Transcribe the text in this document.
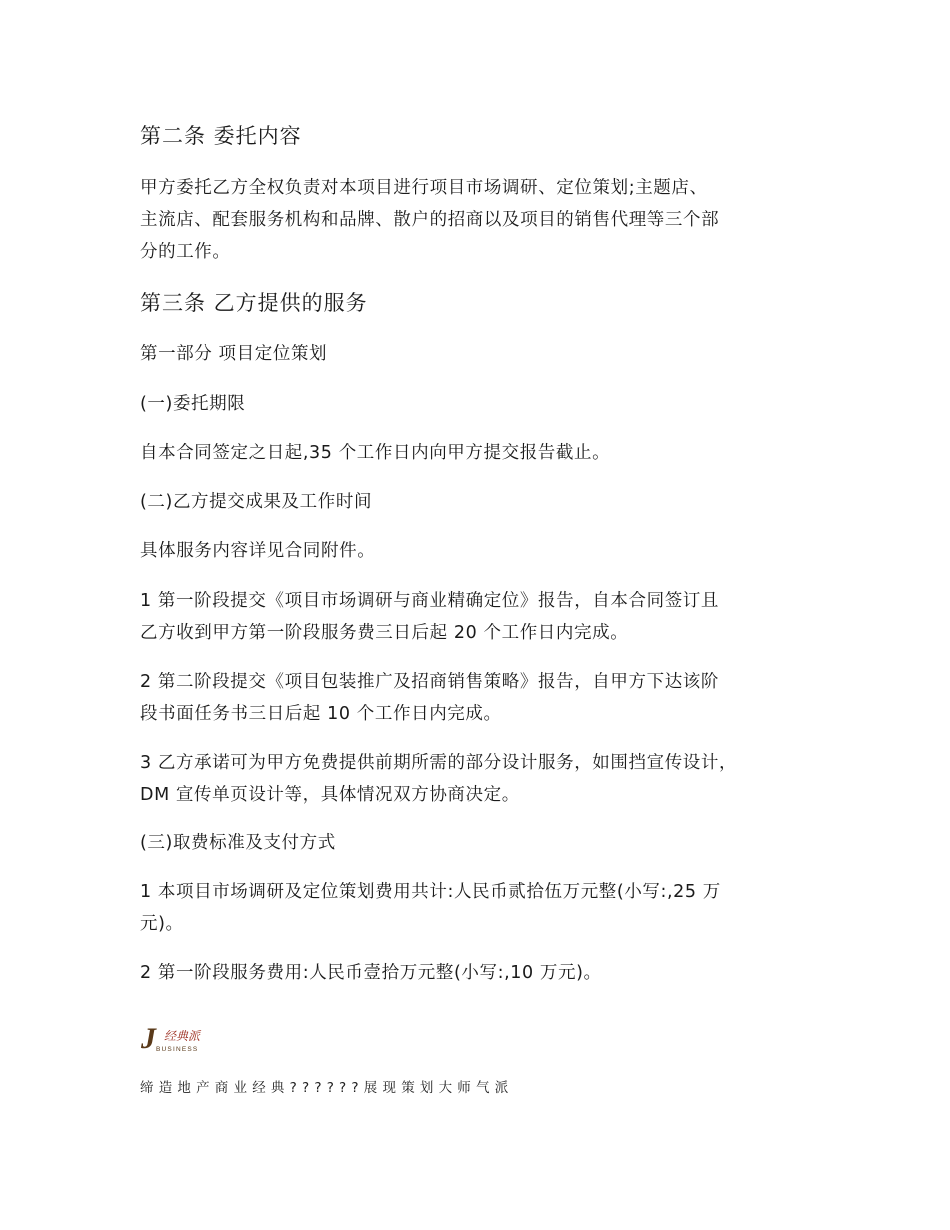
第二条 委托内容
甲方委托乙方全权负责对本项目进行项目市场调研、定位策划;主题店、
主流店、配套服务机构和品牌、散户的招商以及项目的销售代理等三个部
分的工作。
第三条 乙方提供的服务
第一部分 项目定位策划
(一)委托期限
自本合同签定之日起,35 个工作日内向甲方提交报告截止。
(二)乙方提交成果及工作时间
具体服务内容详见合同附件。
1 第一阶段提交《项目市场调研与商业精确定位》报告，自本合同签订且
乙方收到甲方第一阶段服务费三日后起 20 个工作日内完成。
2 第二阶段提交《项目包装推广及招商销售策略》报告，自甲方下达该阶
段书面任务书三日后起 10 个工作日内完成。
3 乙方承诺可为甲方免费提供前期所需的部分设计服务，如围挡宣传设计，
DM 宣传单页设计等，具体情况双方协商决定。
(三)取费标准及支付方式
1 本项目市场调研及定位策划费用共计:人民币贰拾伍万元整(小写:,25 万
元)。
2 第一阶段服务费用:人民币壹拾万元整(小写:,10 万元)。
J 经典派
BUSINESS
缔造地产商业经典??????展现策划大师气派
